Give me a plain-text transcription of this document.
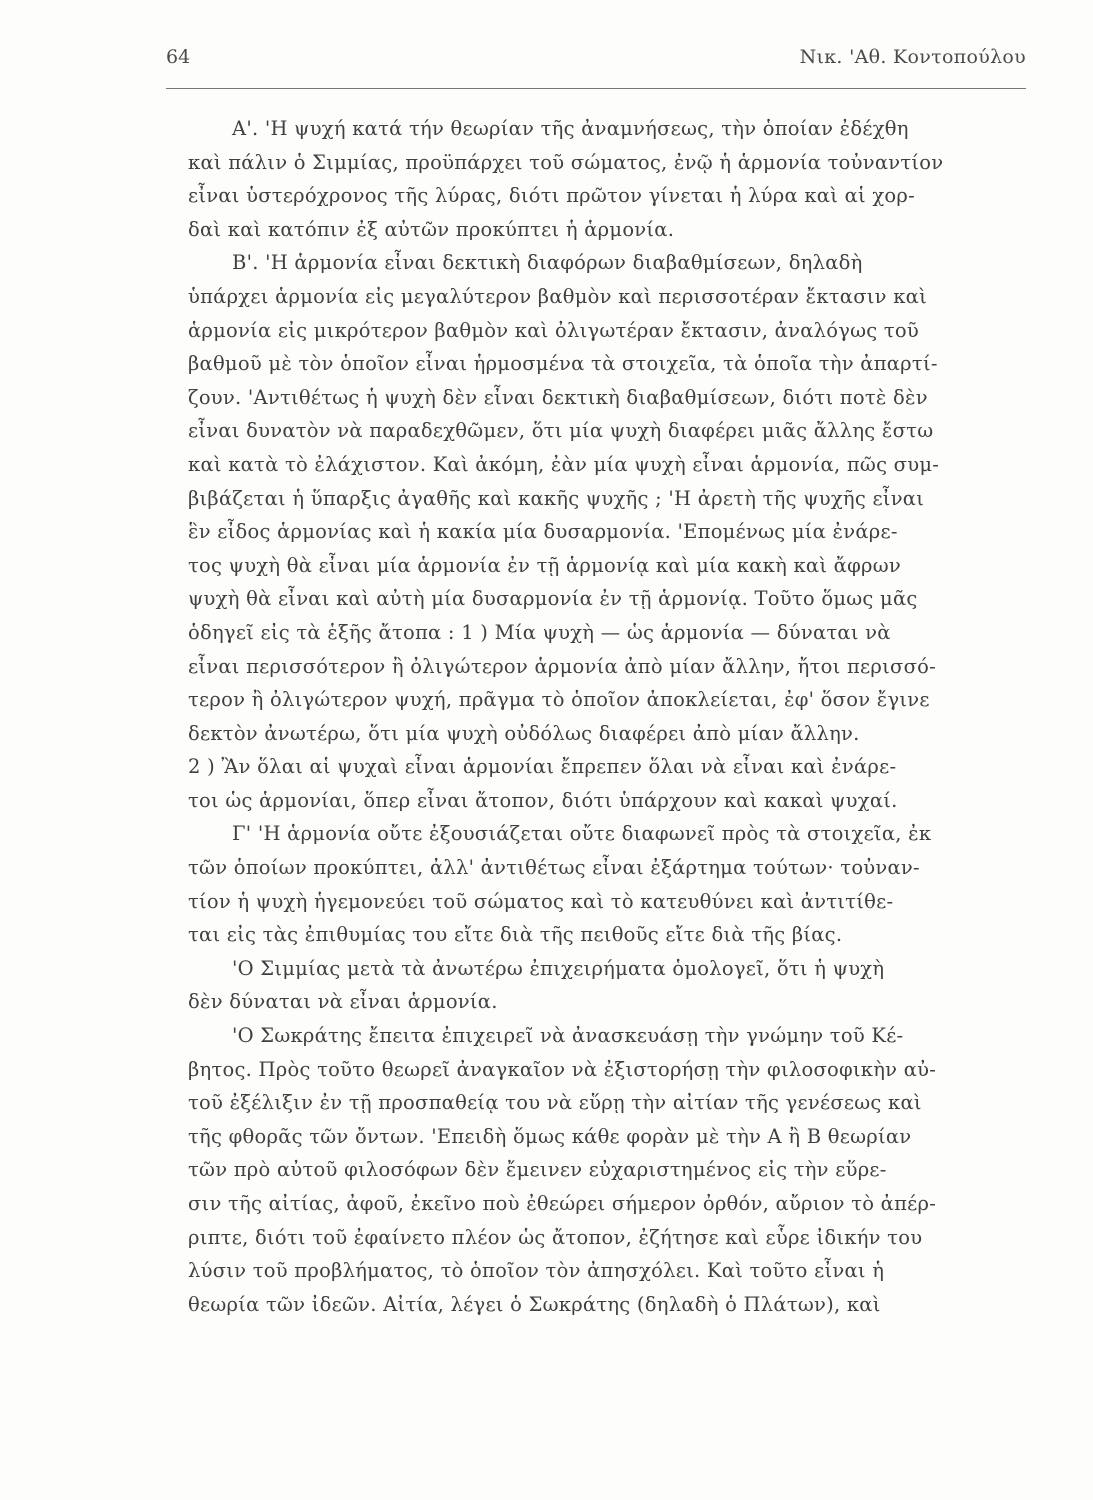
64	Νικ. 'Αθ. Κοντοπούλου
Α'. 'Η ψυχή κατά τήν θεωρίαν τῆς ἀναμνήσεως, τὴν ὁποίαν ἐδέχθη
καὶ πάλιν ὁ Σιμμίας, προϋπάρχει τοῦ σώματος, ἐνῷ ἡ ἁρμονία τοὐναντίον
εἶναι ὑστερόχρονος τῆς λύρας, διότι πρῶτον γίνεται ἡ λύρα καὶ αἱ χορ-
δαὶ καὶ κατόπιν ἐξ αὐτῶν προκύπτει ἡ ἁρμονία.
Β'. 'Η ἁρμονία εἶναι δεκτικὴ διαφόρων διαβαθμίσεων, δηλαδὴ
ὑπάρχει ἁρμονία εἰς μεγαλύτερον βαθμὸν καὶ περισσοτέραν ἔκτασιν καὶ
ἁρμονία εἰς μικρότερον βαθμὸν καὶ ὀλιγωτέραν ἔκτασιν, ἀναλόγως τοῦ
βαθμοῦ μὲ τὸν ὁποῖον εἶναι ἡρμοσμένα τὰ στοιχεῖα, τὰ ὁποῖα τὴν ἀπαρτί-
ζουν. 'Αντιθέτως ἡ ψυχὴ δὲν εἶναι δεκτικὴ διαβαθμίσεων, διότι ποτὲ δὲν
εἶναι δυνατὸν νὰ παραδεχθῶμεν, ὅτι μία ψυχὴ διαφέρει μιᾶς ἄλλης ἔστω
καὶ κατὰ τὸ ἐλάχιστον. Καὶ ἀκόμη, ἐὰν μία ψυχὴ εἶναι ἁρμονία, πῶς συμ-
βιβάζεται ἡ ὕπαρξις ἀγαθῆς καὶ κακῆς ψυχῆς ; 'Η ἀρετὴ τῆς ψυχῆς εἶναι
ἓν εἶδος ἁρμονίας καὶ ἡ κακία μία δυσαρμονία. 'Επομένως μία ἐνάρε-
τος ψυχὴ θὰ εἶναι μία ἁρμονία ἐν τῇ ἁρμονίᾳ καὶ μία κακὴ καὶ ἄφρων
ψυχὴ θὰ εἶναι καὶ αὐτὴ μία δυσαρμονία ἐν τῇ ἁρμονίᾳ. Τοῦτο ὅμως μᾶς
ὁδηγεῖ εἰς τὰ ἑξῆς ἄτοπα : 1 ) Μία ψυχὴ — ὡς ἁρμονία — δύναται νὰ
εἶναι περισσότερον ἢ ὀλιγώτερον ἁρμονία ἀπὸ μίαν ἄλλην, ἤτοι περισσό-
τερον ἢ ὀλιγώτερον ψυχή, πρᾶγμα τὸ ὁποῖον ἀποκλείεται, ἐφ' ὅσον ἔγινε
δεκτὸν ἀνωτέρω, ὅτι μία ψυχὴ οὐδόλως διαφέρει ἀπὸ μίαν ἄλλην.
2 ) Ἂν ὅλαι αἱ ψυχαὶ εἶναι ἁρμονίαι ἔπρεπεν ὅλαι νὰ εἶναι καὶ ἐνάρε-
τοι ὡς ἁρμονίαι, ὅπερ εἶναι ἄτοπον, διότι ὑπάρχουν καὶ κακαὶ ψυχαί.
Γ' 'Η ἁρμονία οὔτε ἐξουσιάζεται οὔτε διαφωνεῖ πρὸς τὰ στοιχεῖα, ἐκ
τῶν ὁποίων προκύπτει, ἀλλ' ἀντιθέτως εἶναι ἐξάρτημα τούτων· τοὐναν-
τίον ἡ ψυχὴ ἡγεμονεύει τοῦ σώματος καὶ τὸ κατευθύνει καὶ ἀντιτίθε-
ται εἰς τὰς ἐπιθυμίας του εἴτε διὰ τῆς πειθοῦς εἴτε διὰ τῆς βίας.
'Ο Σιμμίας μετὰ τὰ ἀνωτέρω ἐπιχειρήματα ὁμολογεῖ, ὅτι ἡ ψυχὴ
δὲν δύναται νὰ εἶναι ἁρμονία.
'Ο Σωκράτης ἔπειτα ἐπιχειρεῖ νὰ ἀνασκευάσῃ τὴν γνώμην τοῦ Κέ-
βητος. Πρὸς τοῦτο θεωρεῖ ἀναγκαῖον νὰ ἐξιστορήσῃ τὴν φιλοσοφικὴν αὐ-
τοῦ ἐξέλιξιν ἐν τῇ προσπαθείᾳ του νὰ εὕρῃ τὴν αἰτίαν τῆς γενέσεως καὶ
τῆς φθορᾶς τῶν ὄντων. 'Επειδὴ ὅμως κάθε φορὰν μὲ τὴν Α ἢ Β θεωρίαν
τῶν πρὸ αὐτοῦ φιλοσόφων δὲν ἔμεινεν εὐχαριστημένος εἰς τὴν εὕρε-
σιν τῆς αἰτίας, ἀφοῦ, ἐκεῖνο ποὺ ἐθεώρει σήμερον ὀρθόν, αὔριον τὸ ἀπέρ-
ριπτε, διότι τοῦ ἐφαίνετο πλέον ὡς ἄτοπον, ἐζήτησε καὶ εὗρε ἰδικήν του
λύσιν τοῦ προβλήματος, τὸ ὁποῖον τὸν ἀπησχόλει. Καὶ τοῦτο εἶναι ἡ
θεωρία τῶν ἰδεῶν. Αἰτία, λέγει ὁ Σωκράτης (δηλαδὴ ὁ Πλάτων), καὶ
